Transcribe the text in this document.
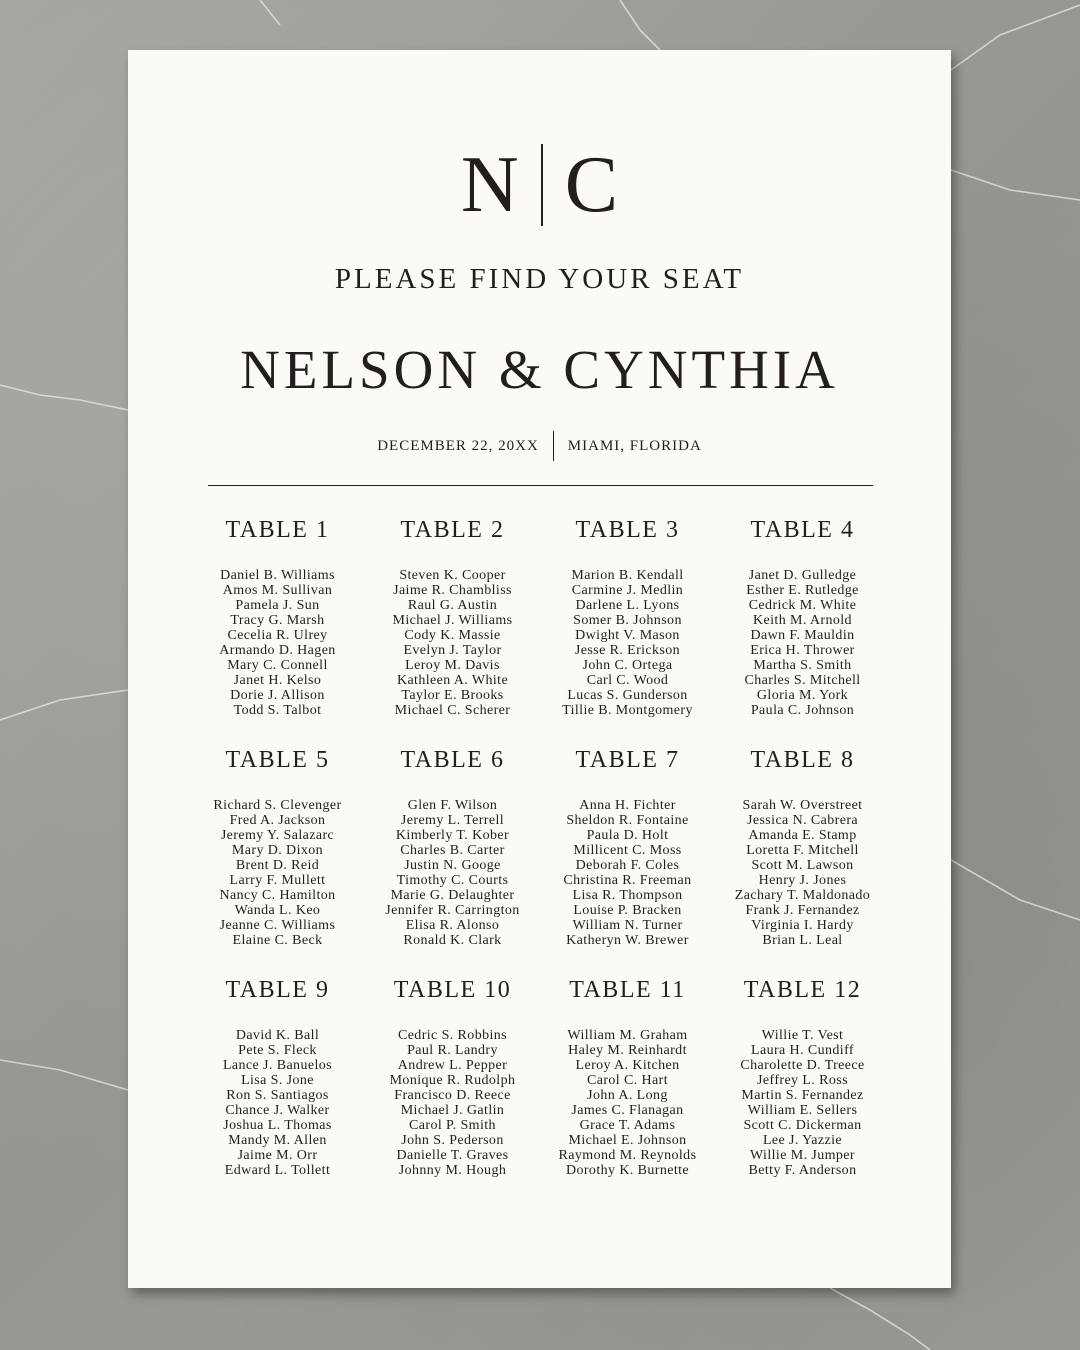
N C
PLEASE FIND YOUR SEAT
NELSON & CYNTHIA
DECEMBER 22, 20XX MIAMI, FLORIDA
TABLE 1
Daniel B. Williams
Amos M. Sullivan
Pamela J. Sun
Tracy G. Marsh
Cecelia R. Ulrey
Armando D. Hagen
Mary C. Connell
Janet H. Kelso
Dorie J. Allison
Todd S. Talbot
TABLE 2
Steven K. Cooper
Jaime R. Chambliss
Raul G. Austin
Michael J. Williams
Cody K. Massie
Evelyn J. Taylor
Leroy M. Davis
Kathleen A. White
Taylor E. Brooks
Michael C. Scherer
TABLE 3
Marion B. Kendall
Carmine J. Medlin
Darlene L. Lyons
Somer B. Johnson
Dwight V. Mason
Jesse R. Erickson
John C. Ortega
Carl C. Wood
Lucas S. Gunderson
Tillie B. Montgomery
TABLE 4
Janet D. Gulledge
Esther E. Rutledge
Cedrick M. White
Keith M. Arnold
Dawn F. Mauldin
Erica H. Thrower
Martha S. Smith
Charles S. Mitchell
Gloria M. York
Paula C. Johnson
TABLE 5
Richard S. Clevenger
Fred A. Jackson
Jeremy Y. Salazarc
Mary D. Dixon
Brent D. Reid
Larry F. Mullett
Nancy C. Hamilton
Wanda L. Keo
Jeanne C. Williams
Elaine C. Beck
TABLE 6
Glen F. Wilson
Jeremy L. Terrell
Kimberly T. Kober
Charles B. Carter
Justin N. Googe
Timothy C. Courts
Marie G. Delaughter
Jennifer R. Carrington
Elisa R. Alonso
Ronald K. Clark
TABLE 7
Anna H. Fichter
Sheldon R. Fontaine
Paula D. Holt
Millicent C. Moss
Deborah F. Coles
Christina R. Freeman
Lisa R. Thompson
Louise P. Bracken
William N. Turner
Katheryn W. Brewer
TABLE 8
Sarah W. Overstreet
Jessica N. Cabrera
Amanda E. Stamp
Loretta F. Mitchell
Scott M. Lawson
Henry J. Jones
Zachary T. Maldonado
Frank J. Fernandez
Virginia I. Hardy
Brian L. Leal
TABLE 9
David K. Ball
Pete S. Fleck
Lance J. Banuelos
Lisa S. Jone
Ron S. Santiagos
Chance J. Walker
Joshua L. Thomas
Mandy M. Allen
Jaime M. Orr
Edward L. Tollett
TABLE 10
Cedric S. Robbins
Paul R. Landry
Andrew L. Pepper
Monique R. Rudolph
Francisco D. Reece
Michael J. Gatlin
Carol P. Smith
John S. Pederson
Danielle T. Graves
Johnny M. Hough
TABLE 11
William M. Graham
Haley M. Reinhardt
Leroy A. Kitchen
Carol C. Hart
John A. Long
James C. Flanagan
Grace T. Adams
Michael E. Johnson
Raymond M. Reynolds
Dorothy K. Burnette
TABLE 12
Willie T. Vest
Laura H. Cundiff
Charolette D. Treece
Jeffrey L. Ross
Martin S. Fernandez
William E. Sellers
Scott C. Dickerman
Lee J. Yazzie
Willie M. Jumper
Betty F. Anderson
